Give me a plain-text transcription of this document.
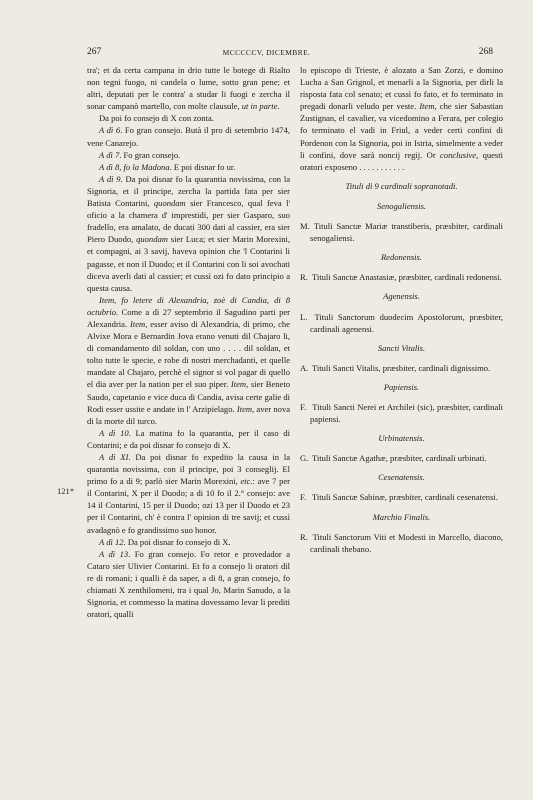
267	MCCCCCV, DICEMBRE.	268
121*

tra'; et da certa campana in drio tutte le botege di Rialto non tegni fuogo, ni candela o lume, sotto gran pene; et altri, deputati per le contra' a studar li fuogi e zercha il sonar campanò martello, con molte clausule, ut in parte.

Da poi fo consejo di X con zonta.

A dì 6. Fo gran consejo. Butà il pro di setembrio 1474, vene Canarejo.

A dì 7. Fo gran consejo.

A dì 8, fo la Madona. E poi disnar fo ur.

A dì 9. Da poi disnar fo la quarantia novissima, con la Signoria, et il principe, zercha la partida fata per sier Batista Contarini, quondam sier Francesco, qual feva l' oficio a la chamera d' imprestidi, per sier Gasparo, suo fradello, era amalato, de ducati 300 dati al cassier, era sier Piero Duodo, quondam sier Luca; et sier Marin Morexini, et compagni, ai 3 savij, haveva opinion che 'l Contarini li pagasse, et non il Duodo; et il Contarini con li soi avochati diceva averli dati al cassier; et cussì ozi fo dato principio a questa causa.

Item, fo letere di Alexandria, zoè di Candia, di 8 octubrio. Come a dì 27 septembrio il Sagudino parti per Alexandria. Item, esser aviso di Alexandria, di primo, che Alvixe Mora e Bernardin Jova erano venuti dil Chajaro li, di comandamento dil soldan, con uno . . . . dil soldan, et tolto tutte le specie, e robe di nostri merchadanti, et quelle mandate al Chajaro, perchè el signor si vol pagar di quello el dia aver per la nation per el suo piper. Item, sier Beneto Saudo, capetanio e vice duca di Candia, avisa certe galie di Rodi esser ussite e andate in l' Arzipielago. Item, aver nova di la morte dil turco.

A dì 10. La matina fo la quarantia, per il caso di Contarini; e da poi disnar fo consejo di X.

A dì XI. Da poi disnar fo expedito la causa in la quarantia novissima, con il principe, poi 3 conseglij. El primo fo a dì 9; parlò sier Marin Morexini, etc.: ave 7 per il Contarini, X per il Duodo; a di 10 fo il 2.° consejo: ave 14 il Contarini, 15 per il Duodo; ozi 13 per il Duodo et 23 per il Contarini, ch' è contra l' opinion di tre savij; et cussì avadagnò e fo grandissimo suo honor.

A dì 12. Da poi disnar fo consejo di X.

A dì 13. Fo gran consejo. Fo retor e provedador a Cataro sier Ulivier Contarini. Et fo a consejo li oratori dil re di romani; i qualli è da saper, a di 8, a gran consejo, fo chiamati X zenthilomeni, tra i qual Jo, Marin Sanudo, a la Signoria, et commesso la matina dovessamo levar li prediti oratori, qualli

lo episcopo di Trieste, è alozato a San Zorzi, e domino Lucha a San Grignol, et menarli a la Signoria, per dirli la risposta fata col senato; et cussì fo fato, et fo terminato in pregadi donarli veludo per veste. Item, che sier Sabastian Zustignan, el cavalier, va vicedomino a Ferara, per colegio fo terminato el vadi in Friul, a veder certi confini di Pordenon con la Signoria, poi in Istria, simelmente a veder li confini, dove sarà noncij regij. Or conclusive, questi oratori exposeno . . . . . . . . . . .

Tituli di 9 cardinali sopranotadi.
Senogaliensis.

M. Tituli Sanctæ Mariæ transtiberis, præsbiter, cardinali senogaliensi.

Redonensis.

R. Tituli Sanctæ Anastasiæ, præsbiter, cardinali redonensi.

Agenensis.

L. Tituli Sanctorum duodecim Apostolorum, præsbiter, cardinali agenensi.

Sancti Vitalis.

A. Tituli Sancti Vitalis, præsbiter, cardinali dignissimo.

Papiensis.

F. Tituli Sancti Nerei et Archilei (sic), præsbiter, cardinali papiensi.

Urbinatensis.

G. Tituli Sanctæ Agathæ, præsbiter, cardinali urbinati.

Cesenatensis.

F. Tituli Sanctæ Sabinæ, præsbiter, cardinali cesenatensi.

Marchio Finalis.

R. Tituli Sanctorum Viti et Modesti in Marcello, diacono, cardinali thebano.
